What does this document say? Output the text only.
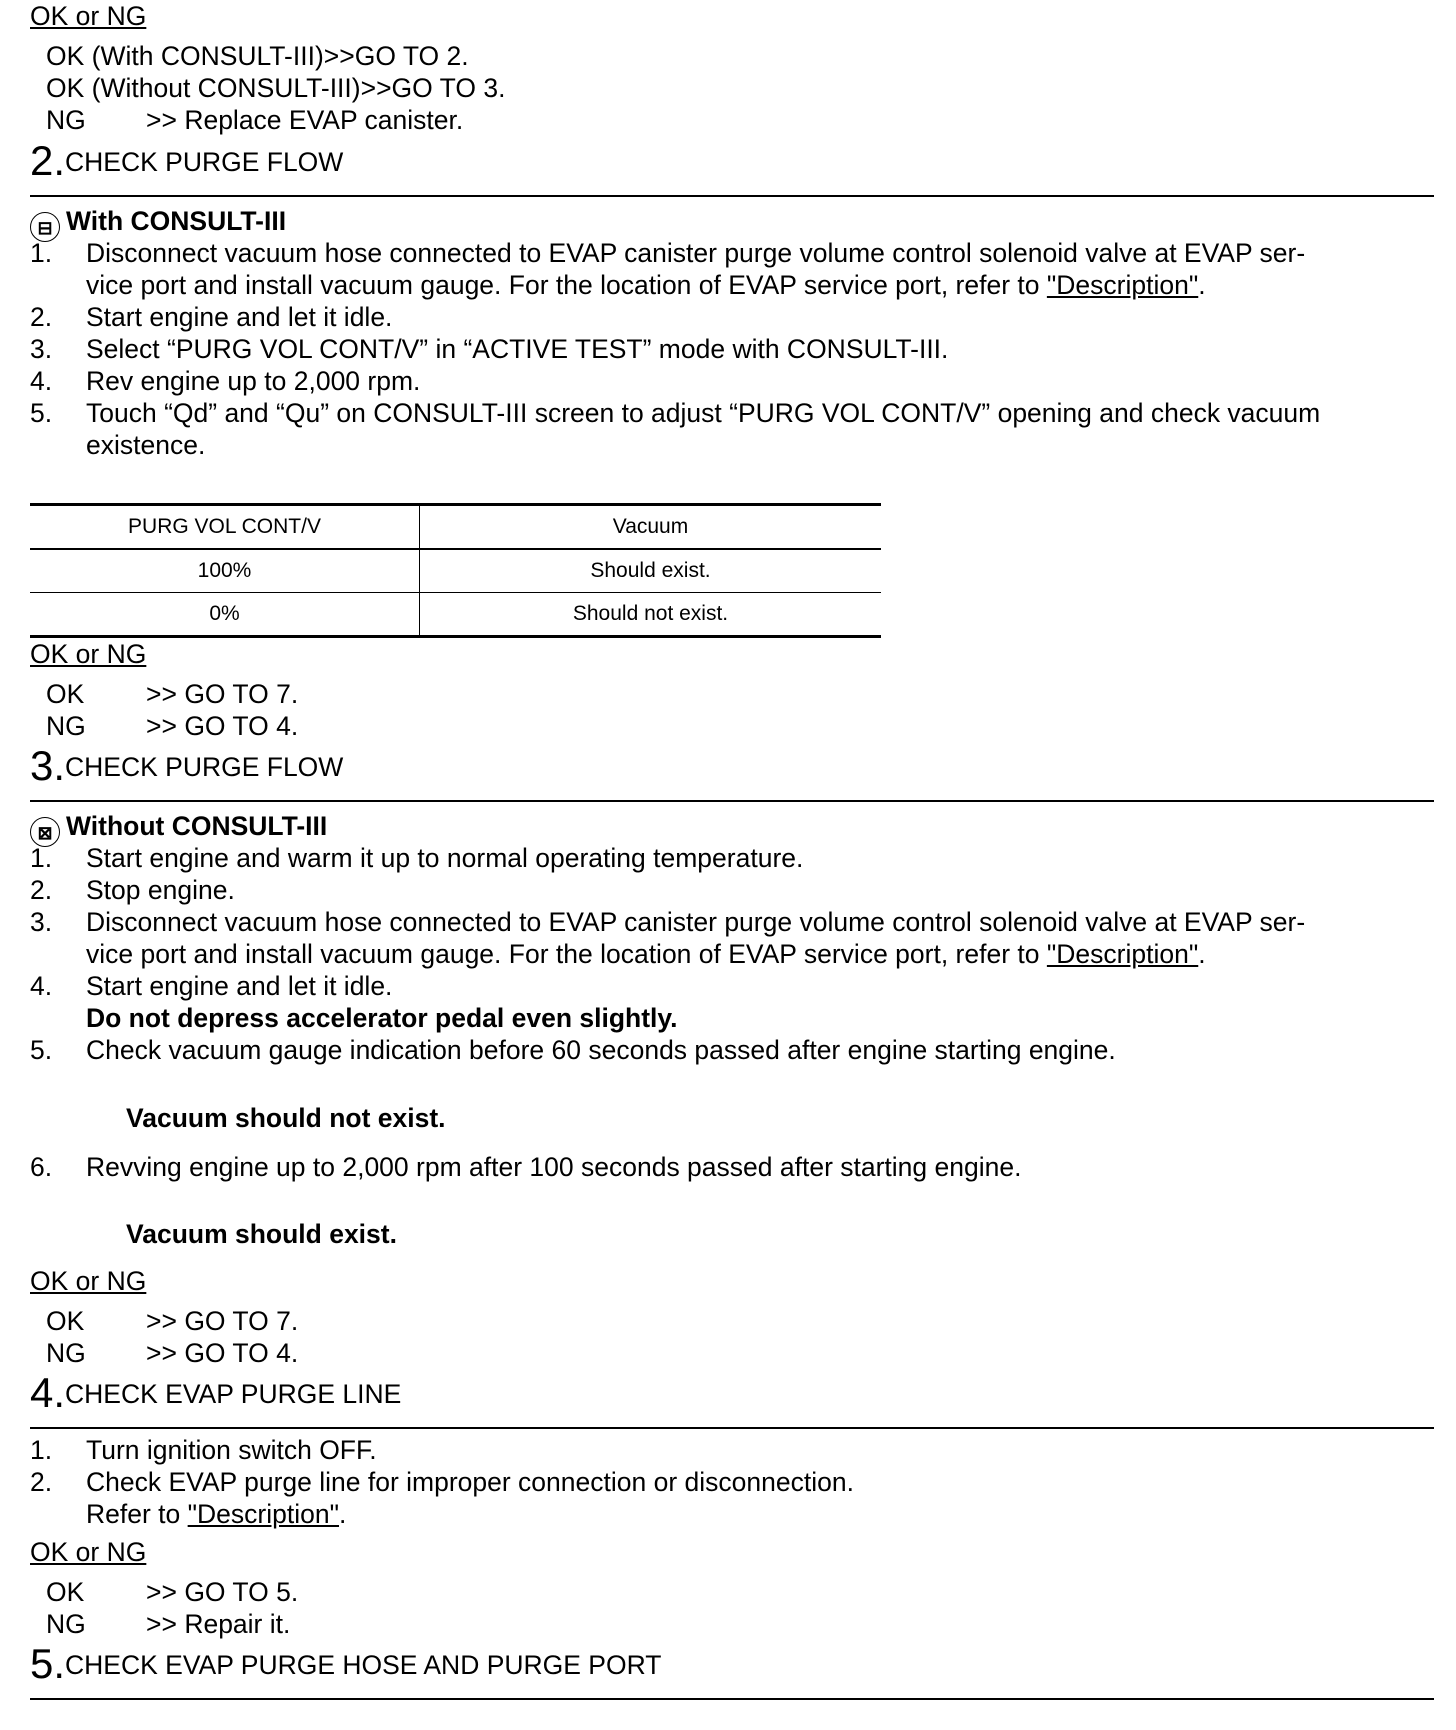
OK or NG
OK (With CONSULT-III)>>GO TO 2.
OK (Without CONSULT-III)>>GO TO 3.
NG >> Replace EVAP canister.
2.CHECK PURGE FLOW
⊟ With CONSULT-III
1.	Disconnect vacuum hose connected to EVAP canister purge volume control solenoid valve at EVAP ser-
vice port and install vacuum gauge. For the location of EVAP service port, refer to "Description".
2.	Start engine and let it idle.
3.	Select “PURG VOL CONT/V” in “ACTIVE TEST” mode with CONSULT-III.
4.	Rev engine up to 2,000 rpm.
5.	Touch “Qd” and “Qu” on CONSULT-III screen to adjust “PURG VOL CONT/V” opening and check vacuum
existence.
PURG VOL CONT/V	Vacuum
100%	Should exist.
0%	Should not exist.
OK or NG
OK >> GO TO 7.
NG >> GO TO 4.
3.CHECK PURGE FLOW
⊠ Without CONSULT-III
1.	Start engine and warm it up to normal operating temperature.
2.	Stop engine.
3.	Disconnect vacuum hose connected to EVAP canister purge volume control solenoid valve at EVAP ser-
vice port and install vacuum gauge. For the location of EVAP service port, refer to "Description".
4.	Start engine and let it idle.
Do not depress accelerator pedal even slightly.
5.	Check vacuum gauge indication before 60 seconds passed after engine starting engine.
Vacuum should not exist.
6.	Revving engine up to 2,000 rpm after 100 seconds passed after starting engine.
Vacuum should exist.
OK or NG
OK >> GO TO 7.
NG >> GO TO 4.
4.CHECK EVAP PURGE LINE
1.	Turn ignition switch OFF.
2.	Check EVAP purge line for improper connection or disconnection.
Refer to "Description".
OK or NG
OK >> GO TO 5.
NG >> Repair it.
5.CHECK EVAP PURGE HOSE AND PURGE PORT
